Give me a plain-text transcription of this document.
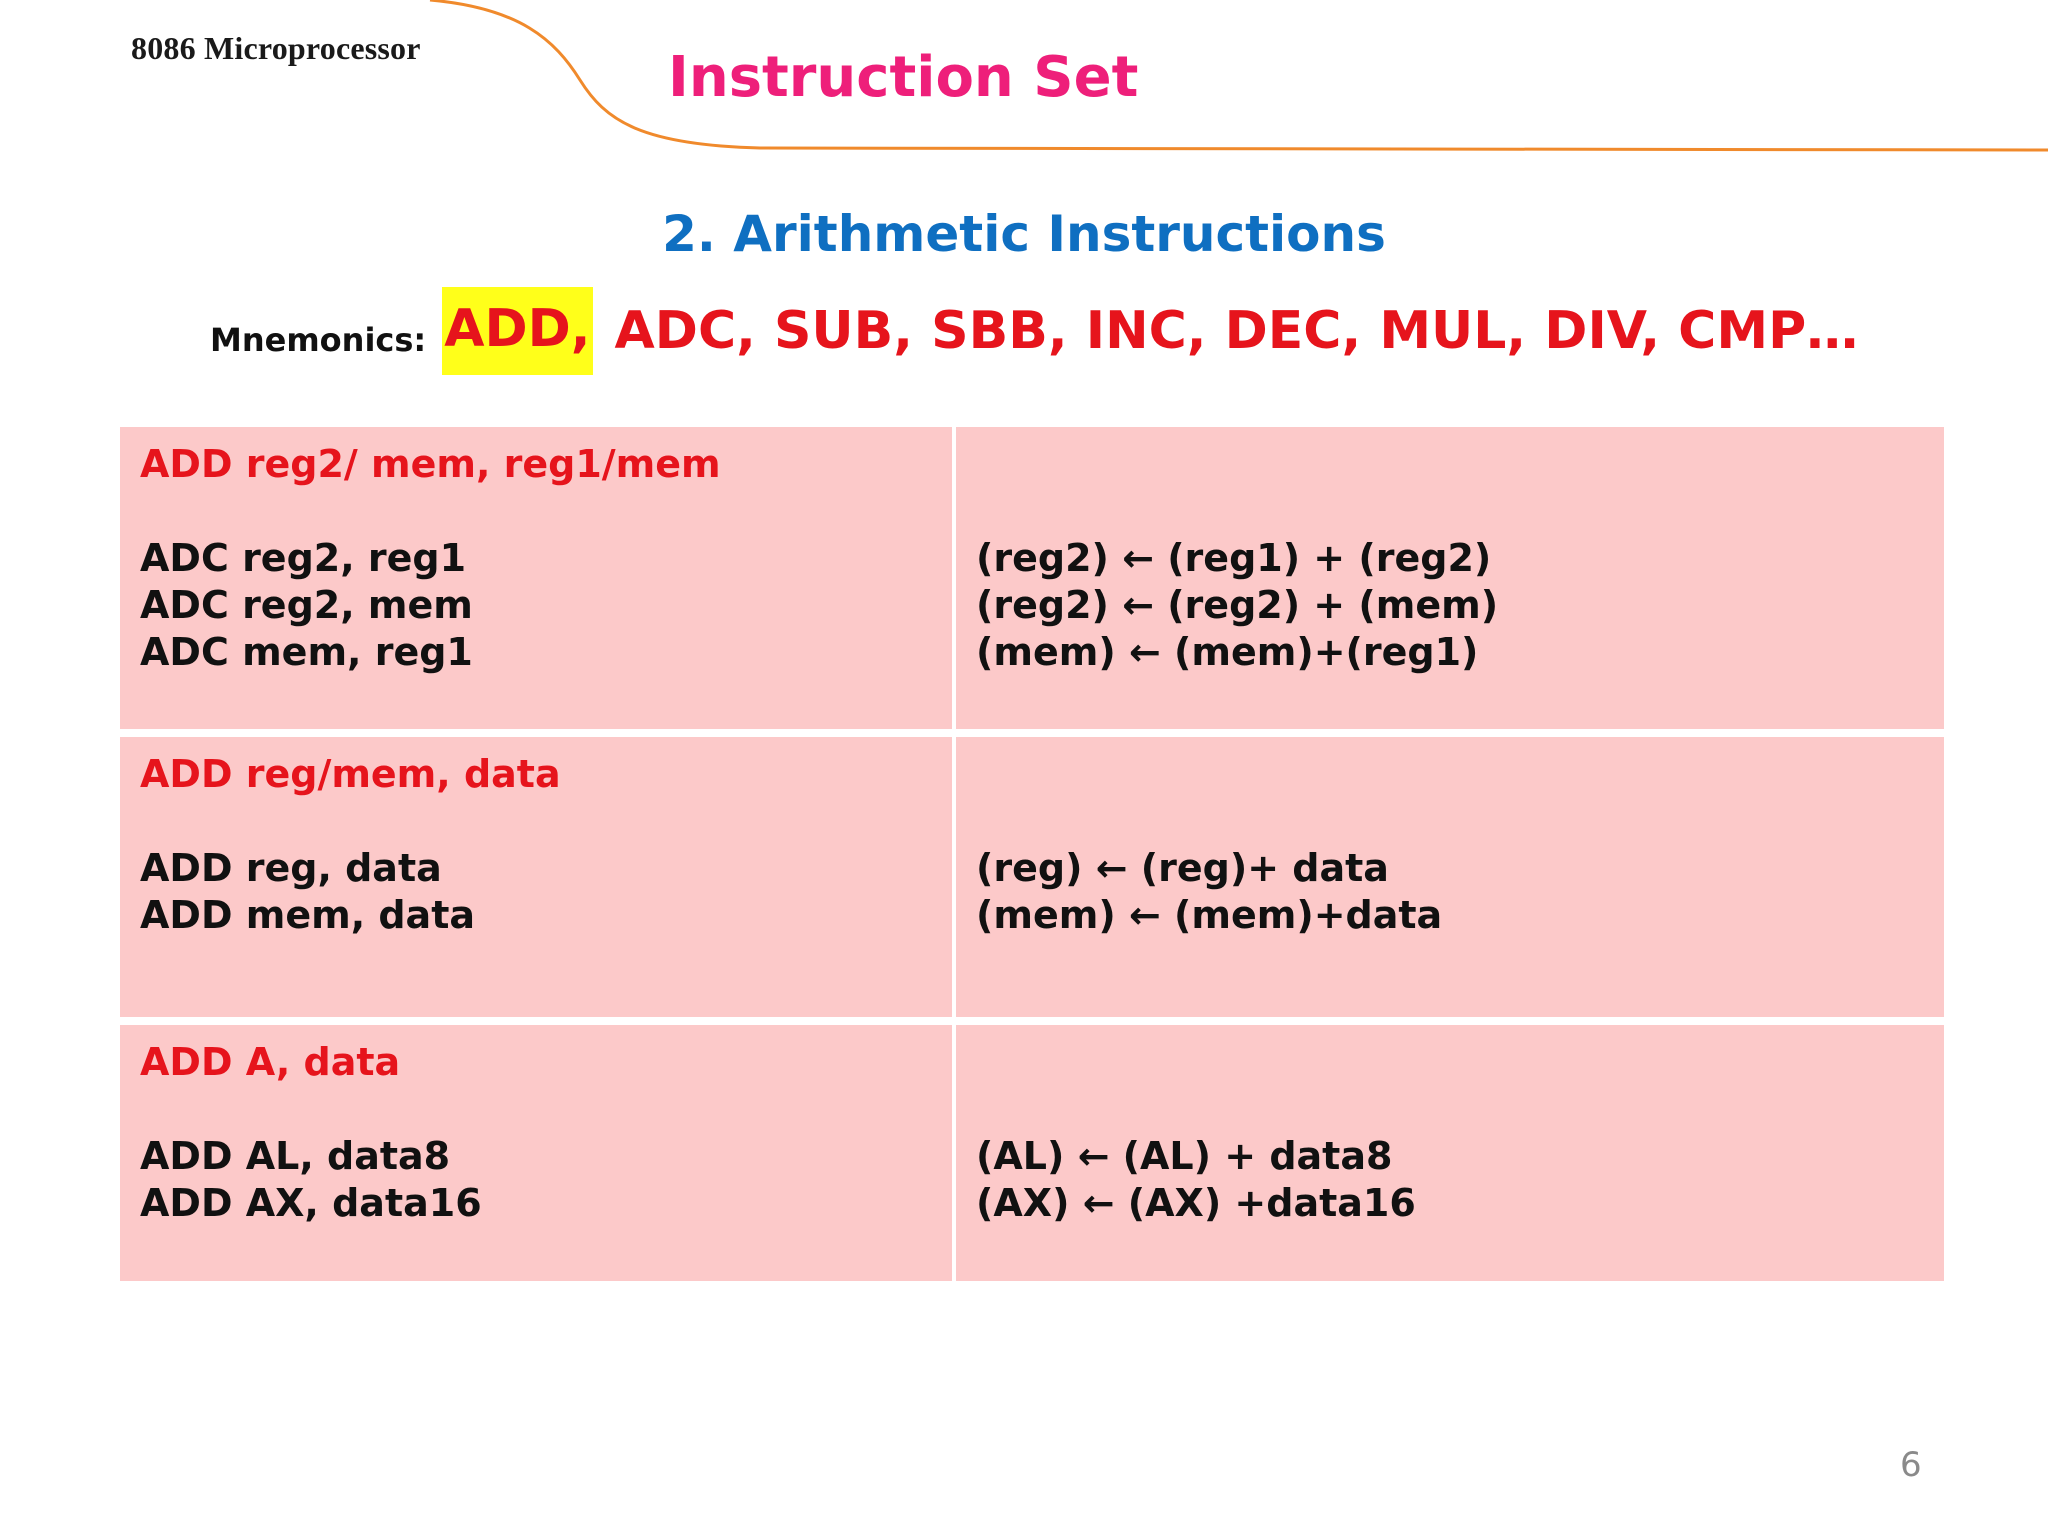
8086 Microprocessor	Instruction Set
2. Arithmetic Instructions
Mnemonics: ADD, ADC, SUB, SBB, INC, DEC, MUL, DIV, CMP…
ADD reg2/ mem, reg1/mem
ADC reg2, reg1
ADC reg2, mem
ADC mem, reg1
(reg2) ← (reg1) + (reg2)
(reg2) ← (reg2) + (mem)
(mem) ← (mem)+(reg1)
ADD reg/mem, data
ADD reg, data
ADD mem, data
(reg) ← (reg)+ data
(mem) ← (mem)+data
ADD A, data
ADD AL, data8
ADD AX, data16
(AL) ← (AL) + data8
(AX) ← (AX) +data16
6
